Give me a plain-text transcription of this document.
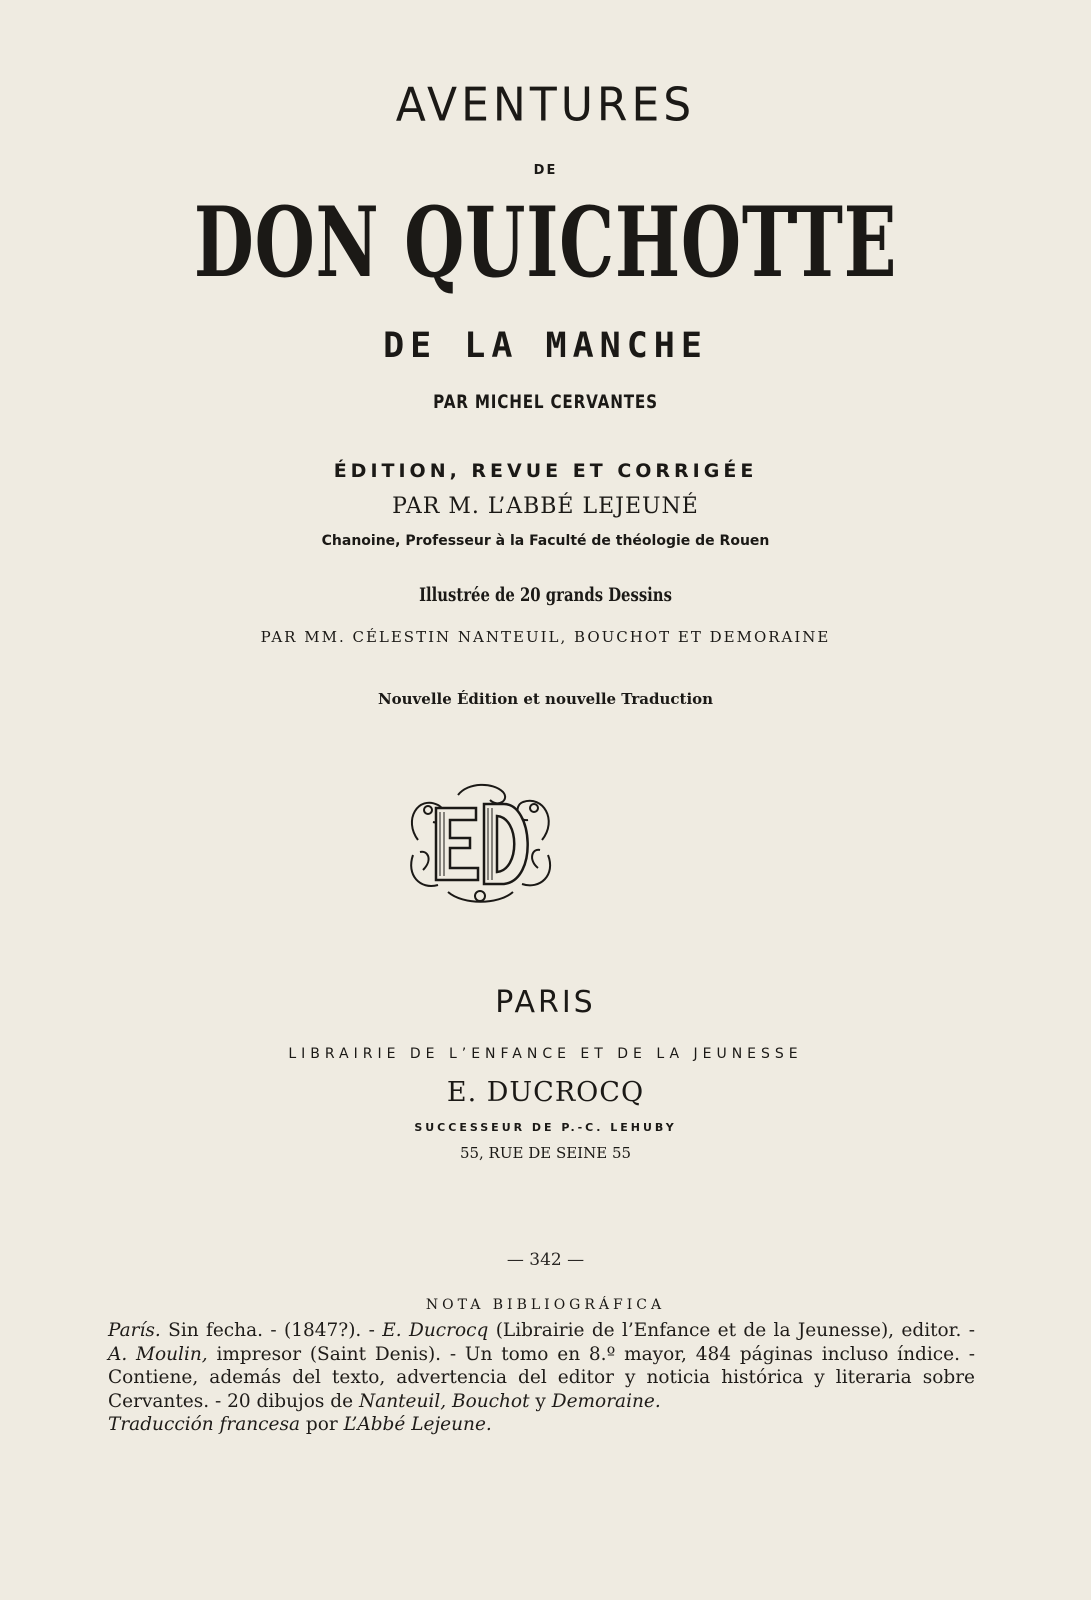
AVENTURES
DE
DON QUICHOTTE
DE LA MANCHE
PAR MICHEL CERVANTES
ÉDITION, REVUE ET CORRIGÉE
PAR M. L’ABBÉ LEJEUNÉ
Chanoine, Professeur à la Faculté de théologie de Rouen
Illustrée de 20 grands Dessins
PAR MM. CÉLESTIN NANTEUIL, BOUCHOT ET DEMORAINE
Nouvelle Édition et nouvelle Traduction
PARIS
LIBRAIRIE DE L’ENFANCE ET DE LA JEUNESSE
E. DUCROCQ
SUCCESSEUR DE P.-C. LEHUBY
55, RUE DE SEINE 55
— 342 —
NOTA BIBLIOGRÁFICA

París. Sin fecha. - (1847?). - E. Ducrocq (Librairie de l’Enfance et de la Jeunesse), editor. - A. Moulin, impresor (Saint Denis). - Un tomo en 8.º mayor, 484 páginas incluso índice. - Contiene, además del texto, advertencia del editor y noticia histórica y literaria sobre Cervantes. - 20 dibujos de Nanteuil, Bouchot y Demoraine.

Traducción francesa por L’Abbé Lejeune.
